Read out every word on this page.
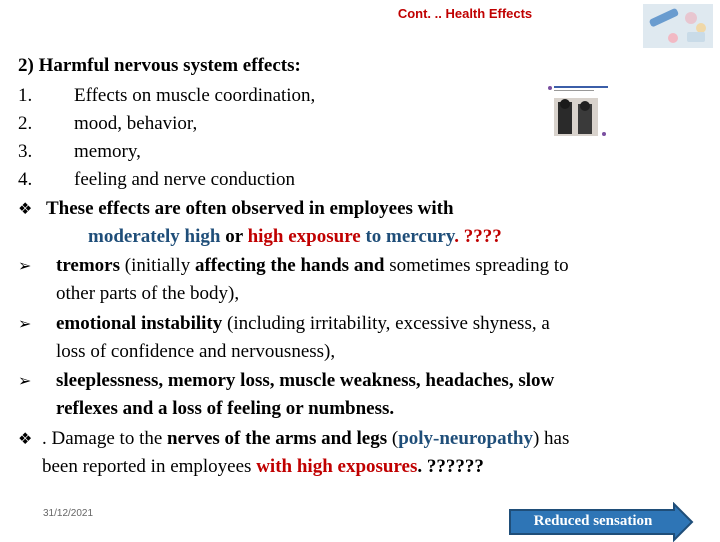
Cont. .. Health Effects
2) Harmful nervous system effects:
1. Effects on muscle coordination,
2. mood, behavior,
3. memory,
4. feeling and nerve conduction
❖ These effects are often observed in employees with
moderately high or high exposure to mercury. ????
➢ tremors (initially affecting the hands and sometimes spreading to
other parts of the body),
➢ emotional instability (including irritability, excessive shyness, a
loss of confidence and nervousness),
➢ sleeplessness, memory loss, muscle weakness, headaches, slow
reflexes and a loss of feeling or numbness.
❖ . Damage to the nerves of the arms and legs (poly-neuropathy) has
been reported in employees with high exposures. ??????
31/12/2021	Reduced sensation
